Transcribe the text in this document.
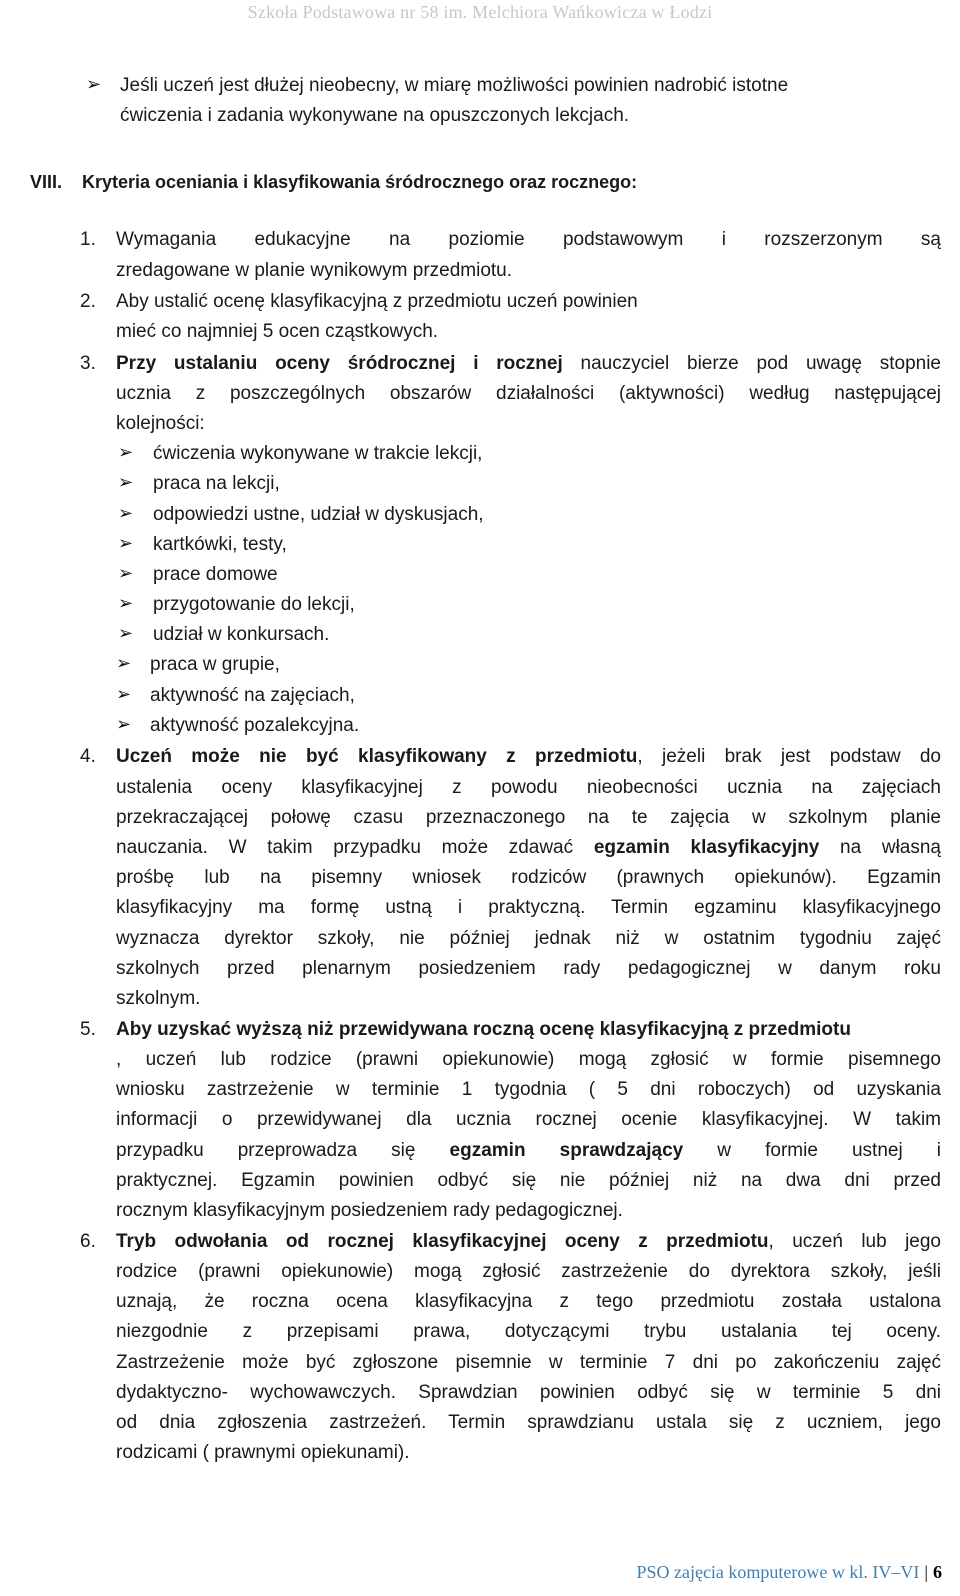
Szkoła Podstawowa nr 58 im. Melchiora Wańkowicza w Łodzi
➢ Jeśli uczeń jest dłużej nieobecny, w miarę możliwości powinien nadrobić istotne
ćwiczenia i zadania wykonywane na opuszczonych lekcjach.
VIII. Kryteria oceniania i klasyfikowania śródrocznego oraz rocznego:
1. Wymagania edukacyjne na poziomie podstawowym i rozszerzonym są
zredagowane w planie wynikowym przedmiotu.
2. Aby ustalić ocenę klasyfikacyjną z przedmiotu uczeń powinien
mieć co najmniej 5 ocen cząstkowych.
3. Przy ustalaniu oceny śródrocznej i rocznej nauczyciel bierze pod uwagę stopnie
ucznia z poszczególnych obszarów działalności (aktywności) według następującej
kolejności:
➢ ćwiczenia wykonywane w trakcie lekcji,
➢ praca na lekcji,
➢ odpowiedzi ustne, udział w dyskusjach,
➢ kartkówki, testy,
➢ prace domowe
➢ przygotowanie do lekcji,
➢ udział w konkursach.
➢ praca w grupie,
➢ aktywność na zajęciach,
➢ aktywność pozalekcyjna.
4. Uczeń może nie być klasyfikowany z przedmiotu, jeżeli brak jest podstaw do
ustalenia oceny klasyfikacyjnej z powodu nieobecności ucznia na zajęciach
przekraczającej połowę czasu przeznaczonego na te zajęcia w szkolnym planie
nauczania. W takim przypadku może zdawać egzamin klasyfikacyjny na własną
prośbę lub na pisemny wniosek rodziców (prawnych opiekunów). Egzamin
klasyfikacyjny ma formę ustną i praktyczną. Termin egzaminu klasyfikacyjnego
wyznacza dyrektor szkoły, nie później jednak niż w ostatnim tygodniu zajęć
szkolnych przed plenarnym posiedzeniem rady pedagogicznej w danym roku
szkolnym.
5. Aby uzyskać wyższą niż przewidywana roczną ocenę klasyfikacyjną z przedmiotu
, uczeń lub rodzice (prawni opiekunowie) mogą zgłosić w formie pisemnego
wniosku zastrzeżenie w terminie 1 tygodnia ( 5 dni roboczych) od uzyskania
informacji o przewidywanej dla ucznia rocznej ocenie klasyfikacyjnej. W takim
przypadku przeprowadza się egzamin sprawdzający w formie ustnej i
praktycznej. Egzamin powinien odbyć się nie później niż na dwa dni przed
rocznym klasyfikacyjnym posiedzeniem rady pedagogicznej.
6. Tryb odwołania od rocznej klasyfikacyjnej oceny z przedmiotu, uczeń lub jego
rodzice (prawni opiekunowie) mogą zgłosić zastrzeżenie do dyrektora szkoły, jeśli
uznają, że roczna ocena klasyfikacyjna z tego przedmiotu została ustalona
niezgodnie z przepisami prawa, dotyczącymi trybu ustalania tej oceny.
Zastrzeżenie może być zgłoszone pisemnie w terminie 7 dni po zakończeniu zajęć
dydaktyczno- wychowawczych. Sprawdzian powinien odbyć się w terminie 5 dni
od dnia zgłoszenia zastrzeżeń. Termin sprawdzianu ustala się z uczniem, jego
rodzicami ( prawnymi opiekunami).
PSO zajęcia komputerowe w kl. IV–VI | 6
